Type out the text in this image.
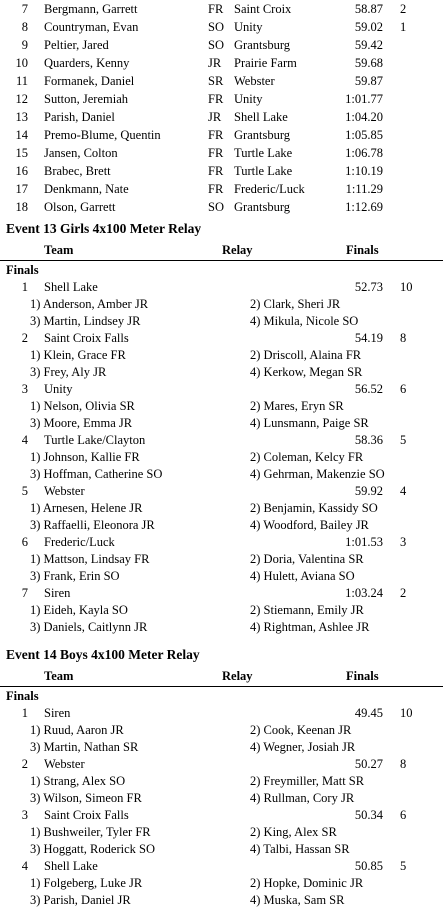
7 Bergmann, Garrett	FR Saint Croix	58.87 2
8 Countryman, Evan	SO Unity	59.02 1
9 Peltier, Jared	SO Grantsburg	59.42
10 Quarders, Kenny	JR Prairie Farm	59.68
11 Formanek, Daniel	SR Webster	59.87
12 Sutton, Jeremiah	FR Unity	1:01.77
13 Parish, Daniel	JR Shell Lake	1:04.20
14 Premo-Blume, Quentin	FR Grantsburg	1:05.85
15 Jansen, Colton	FR Turtle Lake	1:06.78
16 Brabec, Brett	FR Turtle Lake	1:10.19
17 Denkmann, Nate	FR Frederic/Luck	1:11.29
18 Olson, Garrett	SO Grantsburg	1:12.69
Event 13 Girls 4x100 Meter Relay
Team	Relay	Finals
Finals
1 Shell Lake	52.73 10
1) Anderson, Amber JR	2) Clark, Sheri JR
3) Martin, Lindsey JR	4) Mikula, Nicole SO
2 Saint Croix Falls	54.19 8
1) Klein, Grace FR	2) Driscoll, Alaina FR
3) Frey, Aly JR	4) Kerkow, Megan SR
3 Unity	56.52 6
1) Nelson, Olivia SR	2) Mares, Eryn SR
3) Moore, Emma JR	4) Lunsmann, Paige SR
4 Turtle Lake/Clayton	58.36 5
1) Johnson, Kallie FR	2) Coleman, Kelcy FR
3) Hoffman, Catherine SO	4) Gehrman, Makenzie SO
5 Webster	59.92 4
1) Arnesen, Helene JR	2) Benjamin, Kassidy SO
3) Raffaelli, Eleonora JR	4) Woodford, Bailey JR
6 Frederic/Luck	1:01.53 3
1) Mattson, Lindsay FR	2) Doria, Valentina SR
3) Frank, Erin SO	4) Hulett, Aviana SO
7 Siren	1:03.24 2
1) Eideh, Kayla SO	2) Stiemann, Emily JR
3) Daniels, Caitlynn JR	4) Rightman, Ashlee JR
Event 14 Boys 4x100 Meter Relay
Team	Relay	Finals
Finals
1 Siren	49.45 10
1) Ruud, Aaron JR	2) Cook, Keenan JR
3) Martin, Nathan SR	4) Wegner, Josiah JR
2 Webster	50.27 8
1) Strang, Alex SO	2) Freymiller, Matt SR
3) Wilson, Simeon FR	4) Rullman, Cory JR
3 Saint Croix Falls	50.34 6
1) Bushweiler, Tyler FR	2) King, Alex SR
3) Hoggatt, Roderick SO	4) Talbi, Hassan SR
4 Shell Lake	50.85 5
1) Folgeberg, Luke JR	2) Hopke, Dominic JR
3) Parish, Daniel JR	4) Muska, Sam SR
